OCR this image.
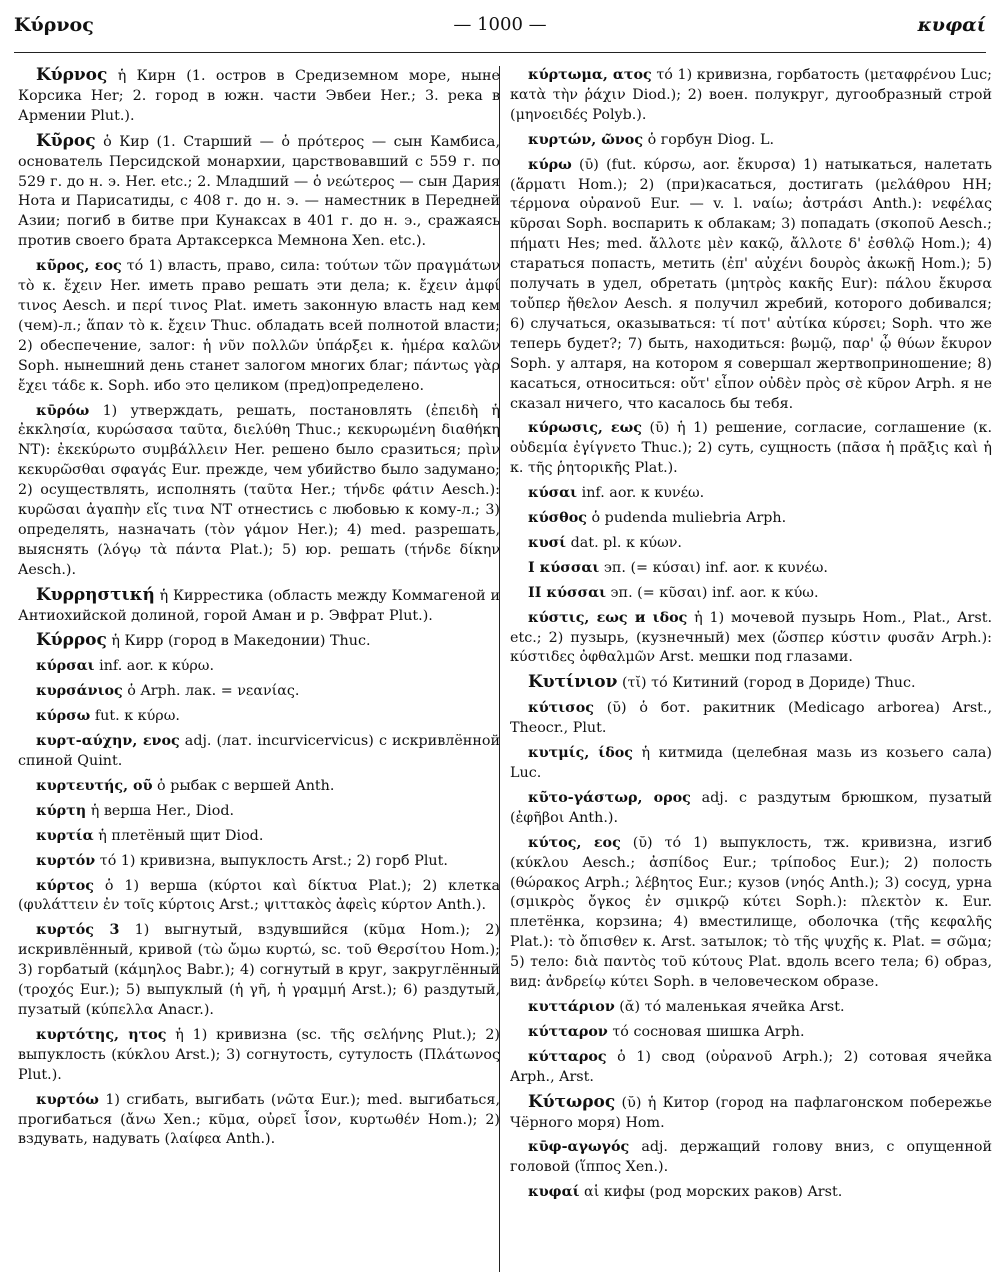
Κύρνος	— 1000 —	κυφαί

Κύρνος ἡ Кирн (1. остров в Средиземном море, ныне Корсика Her; 2. город в южн. части Эвбеи Her.; 3. река в Армении Plut.).

Κῦρος ὁ Кир (1. Старший — ὁ πρότερος — сын Камбиса, основатель Персидской монархии, царствовавший с 559 г. по 529 г. до н. э. Her. etc.; 2. Младший — ὁ νεώτερος — сын Дария Нота и Парисатиды, с 408 г. до н. э. — наместник в Передней Азии; погиб в битве при Кунаксах в 401 г. до н. э., сражаясь против своего брата Артаксеркса Мемнона Xen. etc.).

κῦρος, εος τό 1) власть, право, сила: τούτων τῶν πραγμάτων τὸ κ. ἔχειν Her. иметь право решать эти дела; κ. ἔχειν ἀμφί τινος Aesch. и περί τινος Plat. иметь законную власть над кем (чем)-л.; ἅπαν τὸ κ. ἔχειν Thuc. обладать всей полнотой власти; 2) обеспечение, залог: ἡ νῦν πολλῶν ὑπάρξει κ. ἡμέρα καλῶν Soph. нынешний день станет залогом многих благ; πάντως γὰρ ἔχει τάδε κ. Soph. ибо это целиком (пред)определено.

κῡρόω 1) утверждать, решать, постановлять (ἐπειδὴ ἡ ἐκκλησία, κυρώσασα ταῦτα, διελύθη Thuc.; κεκυρωμένη διαθήκη NT): ἐκεκύρωτο συμβάλλειν Her. решено было сразиться; πρὶν κεκυρῶσθαι σφαγάς Eur. прежде, чем убийство было задумано; 2) осуществлять, исполнять (ταῦτα Her.; τήνδε φάτιν Aesch.): κυρῶσαι ἀγαπὴν εἴς τινα NT отнестись с любовью к кому-л.; 3) определять, назначать (τὸν γάμον Her.); 4) med. разрешать, выяснять (λόγῳ τὰ πάντα Plat.); 5) юр. решать (τήνδε δίκην Aesch.).

Κυρρηστική ἡ Киррестика (область между Коммагеной и Антиохийской долиной, горой Аман и р. Эвфрат Plut.).

Κύρρος ἡ Кирр (город в Македонии) Thuc.

κύρσαι inf. aor. к κύρω.

κυρσάνιος ὁ Arph. лак. = νεανίας.

κύρσω fut. к κύρω.

κυρτ-αύχην, ενος adj. (лат. incurvicervicus) с искривлённой спиной Quint.

κυρτευτής, οῦ ὁ рыбак с вершей Anth.

κύρτη ἡ верша Her., Diod.

κυρτία ἡ плетёный щит Diod.

κυρτόν τό 1) кривизна, выпуклость Arst.; 2) горб Plut.

κύρτος ὁ 1) верша (κύρτοι καὶ δίκτυα Plat.); 2) клетка (φυλάττειν ἐν τοῖς κύρτοις Arst.; ψιττακὸς ἀφεὶς κύρτον Anth.).

κυρτός 3 1) выгнутый, вздувшийся (κῦμα Hom.); 2) искривлённый, кривой (τὼ ὤμω κυρτώ, sc. τοῦ Θερσίτου Hom.); 3) горбатый (κάμηλος Babr.); 4) согнутый в круг, закруглённый (τροχός Eur.); 5) выпуклый (ἡ γῆ, ἡ γραμμή Arst.); 6) раздутый, пузатый (κύπελλα Anacr.).

κυρτότης, ητος ἡ 1) кривизна (sc. τῆς σελήνης Plut.); 2) выпуклость (κύκλου Arst.); 3) согнутость, сутулость (Πλάτωνος Plut.).

κυρτόω 1) сгибать, выгибать (νῶτα Eur.); med. выгибаться, прогибаться (ἄνω Xen.; κῦμα, οὐρεῖ ἶσον, κυρτωθέν Hom.); 2) вздувать, надувать (λαίφεα Anth.).

κύρτωμα, ατος τό 1) кривизна, горбатость (μεταφρένου Luc; κατὰ τὴν ῥάχιν Diod.); 2) воен. полукруг, дугообразный строй (μηνοειδές Polyb.).

κυρτών, ῶνος ὁ горбун Diog. L.

κύρω (ῡ) (fut. κύρσω, aor. ἔκυρσα) 1) натыкаться, налетать (ἅρματι Hom.); 2) (при)касаться, достигать (μελάθρου HH; τέρμονα οὐρανοῦ Eur. — v. l. ναίω; ἀστράσι Anth.): νεφέλας κῦρσαι Soph. воспарить к облакам; 3) попадать (σκοποῦ Aesch.; πήματι Hes; med. ἄλλοτε μὲν κακῷ, ἄλλοτε δ' ἐσθλῷ Hom.); 4) стараться попасть, метить (ἐπ' αὐχένι δουρὸς ἀκωκῇ Hom.); 5) получать в удел, обретать (μητρὸς κακῆς Eur): πάλου ἔκυρσα τοὔπερ ἤθελον Aesch. я получил жребий, которого добивался; 6) случаться, оказываться: τί ποτ' αὐτίκα κύρσει; Soph. что же теперь будет?; 7) быть, находиться: βωμῷ, παρ' ᾧ θύων ἔκυρον Soph. у алтаря, на котором я совершал жертвоприношение; 8) касаться, относиться: οὔτ' εἶπον οὐδὲν πρὸς σὲ κῦρον Arph. я не сказал ничего, что касалось бы тебя.

κύρωσις, εως (ῡ) ἡ 1) решение, согласие, соглашение (κ. οὐδεμία ἐγίγνετο Thuc.); 2) суть, сущность (πᾶσα ἡ πρᾶξις καὶ ἡ κ. τῆς ῥητορικῆς Plat.).

κύσαι inf. aor. к κυνέω.

κύσθος ὁ pudenda muliebria Arph.

κυσί dat. pl. к κύων.

I κύσσαι эп. (= κύσαι) inf. aor. к κυνέω.

II κύσσαι эп. (= κῦσαι) inf. aor. к κύω.

κύστις, εως и ιδος ἡ 1) мочевой пузырь Hom., Plat., Arst. etc.; 2) пузырь, (кузнечный) мех (ὥσπερ κύστιν φυσᾶν Arph.): κύστιδες ὀφθαλμῶν Arst. мешки под глазами.

Κυτίνιον (τῐ) τό Китиний (город в Дориде) Thuc.

κύτισος (ῠ) ὁ бот. ракитник (Medicago arborea) Arst., Theocr., Plut.

κυτμίς, ίδος ἡ китмида (целебная мазь из козьего сала) Luc.

κῦτο-γάστωρ, ορος adj. с раздутым брюшком, пузатый (ἐφῆβοι Anth.).

κύτος, εος (ῠ) τό 1) выпуклость, тж. кривизна, изгиб (κύκλου Aesch.; ἀσπίδος Eur.; τρίποδος Eur.); 2) полость (θώρακος Arph.; λέβητος Eur.; кузов (νηός Anth.); 3) сосуд, урна (σμικρὸς ὄγκος ἐν σμικρῷ κύτει Soph.): πλεκτὸν κ. Eur. плетёнка, корзина; 4) вместилище, оболочка (τῆς κεφαλῆς Plat.): τὸ ὄπισθεν κ. Arst. затылок; τὸ τῆς ψυχῆς κ. Plat. = σῶμα; 5) тело: διὰ παντὸς τοῦ κύτους Plat. вдоль всего тела; 6) образ, вид: ἀνδρείῳ κύτει Soph. в человеческом образе.

κυττάριον (ᾰ) τό маленькая ячейка Arst.

κύτταρον τό сосновая шишка Arph.

κύτταρος ὁ 1) свод (οὐρανοῦ Arph.); 2) сотовая ячейка Arph., Arst.

Κύτωρος (ῠ) ἡ Китор (город на пафлагонском побережье Чёрного моря) Hom.

κῡφ-αγωγός adj. держащий голову вниз, с опущенной головой (ἵππος Xen.).

κυφαί αἱ кифы (род морских раков) Arst.
